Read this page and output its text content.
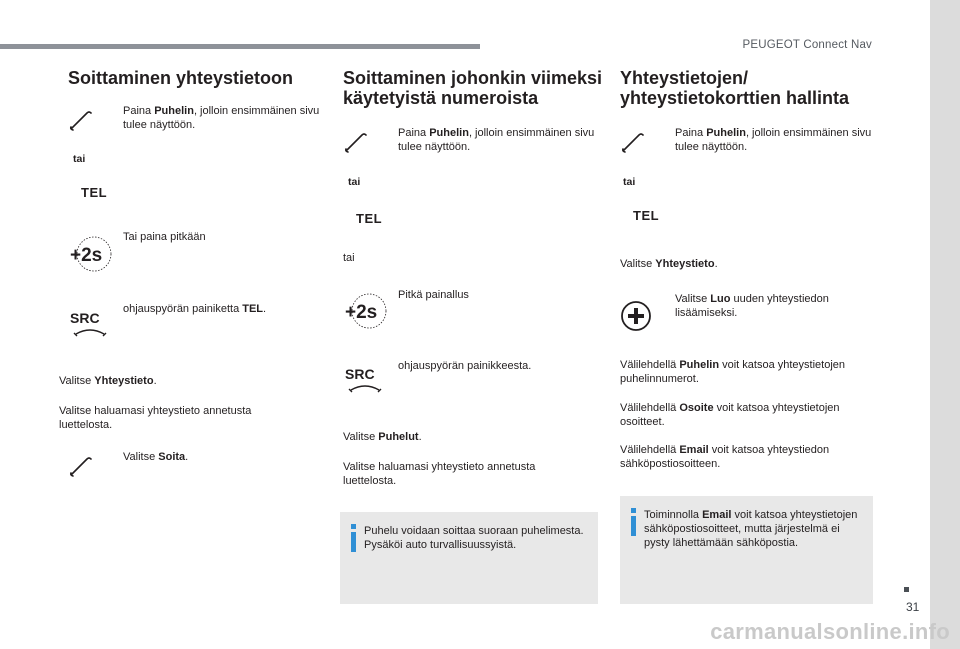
PEUGEOT Connect Nav
31
carmanualsonline.info
Soittaminen yhteystietoon
Paina Puhelin, jolloin ensimmäinen sivu tulee näyttöön.
tai
TEL
+2s
Tai paina pitkään
SRC
ohjauspyörän painiketta TEL.
Valitse Yhteystieto.
Valitse haluamasi yhteystieto annetusta luettelosta.
Valitse Soita.
Soittaminen johonkin viimeksi käytetyistä numeroista
Paina Puhelin, jolloin ensimmäinen sivu tulee näyttöön.
tai
TEL
tai
+2s
Pitkä painallus
SRC ohjauspyörän painikkeesta.
Valitse Puhelut.
Valitse haluamasi yhteystieto annetusta luettelosta.
Puhelu voidaan soittaa suoraan puhelimesta. Pysäköi auto turvallisuussyistä.
Yhteystietojen/ yhteystietokorttien hallinta
Paina Puhelin, jolloin ensimmäinen sivu tulee näyttöön.
tai
TEL
Valitse Yhteystieto.
Valitse Luo uuden yhteystiedon lisäämiseksi.
Välilehdellä Puhelin voit katsoa yhteystietojen puhelinnumerot.
Välilehdellä Osoite voit katsoa yhteystietojen osoitteet.
Välilehdellä Email voit katsoa yhteystiedon sähköpostiosoitteen.
Toiminnolla Email voit katsoa yhteystietojen sähköpostiosoitteet, mutta järjestelmä ei pysty lähettämään sähköpostia.
